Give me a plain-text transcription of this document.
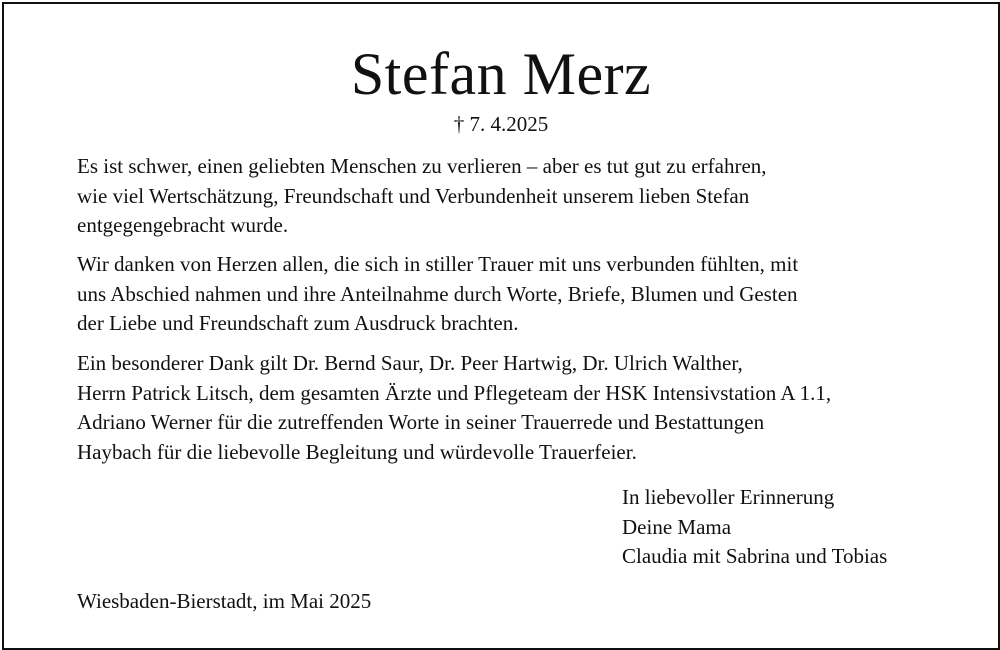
Stefan Merz
† 7. 4.2025

Es ist schwer, einen geliebten Menschen zu verlieren – aber es tut gut zu erfahren,
wie viel Wertschätzung, Freundschaft und Verbundenheit unserem lieben Stefan
entgegengebracht wurde.

Wir danken von Herzen allen, die sich in stiller Trauer mit uns verbunden fühlten, mit
uns Abschied nahmen und ihre Anteilnahme durch Worte, Briefe, Blumen und Gesten
der Liebe und Freundschaft zum Ausdruck brachten.

Ein besonderer Dank gilt Dr. Bernd Saur, Dr. Peer Hartwig, Dr. Ulrich Walther,
Herrn Patrick Litsch, dem gesamten Ärzte und Pflegeteam der HSK Intensivstation A 1.1,
Adriano Werner für die zutreffenden Worte in seiner Trauerrede und Bestattungen
Haybach für die liebevolle Begleitung und würdevolle Trauerfeier.

In liebevoller Erinnerung
Deine Mama
Claudia mit Sabrina und Tobias
Wiesbaden-Bierstadt, im Mai 2025
